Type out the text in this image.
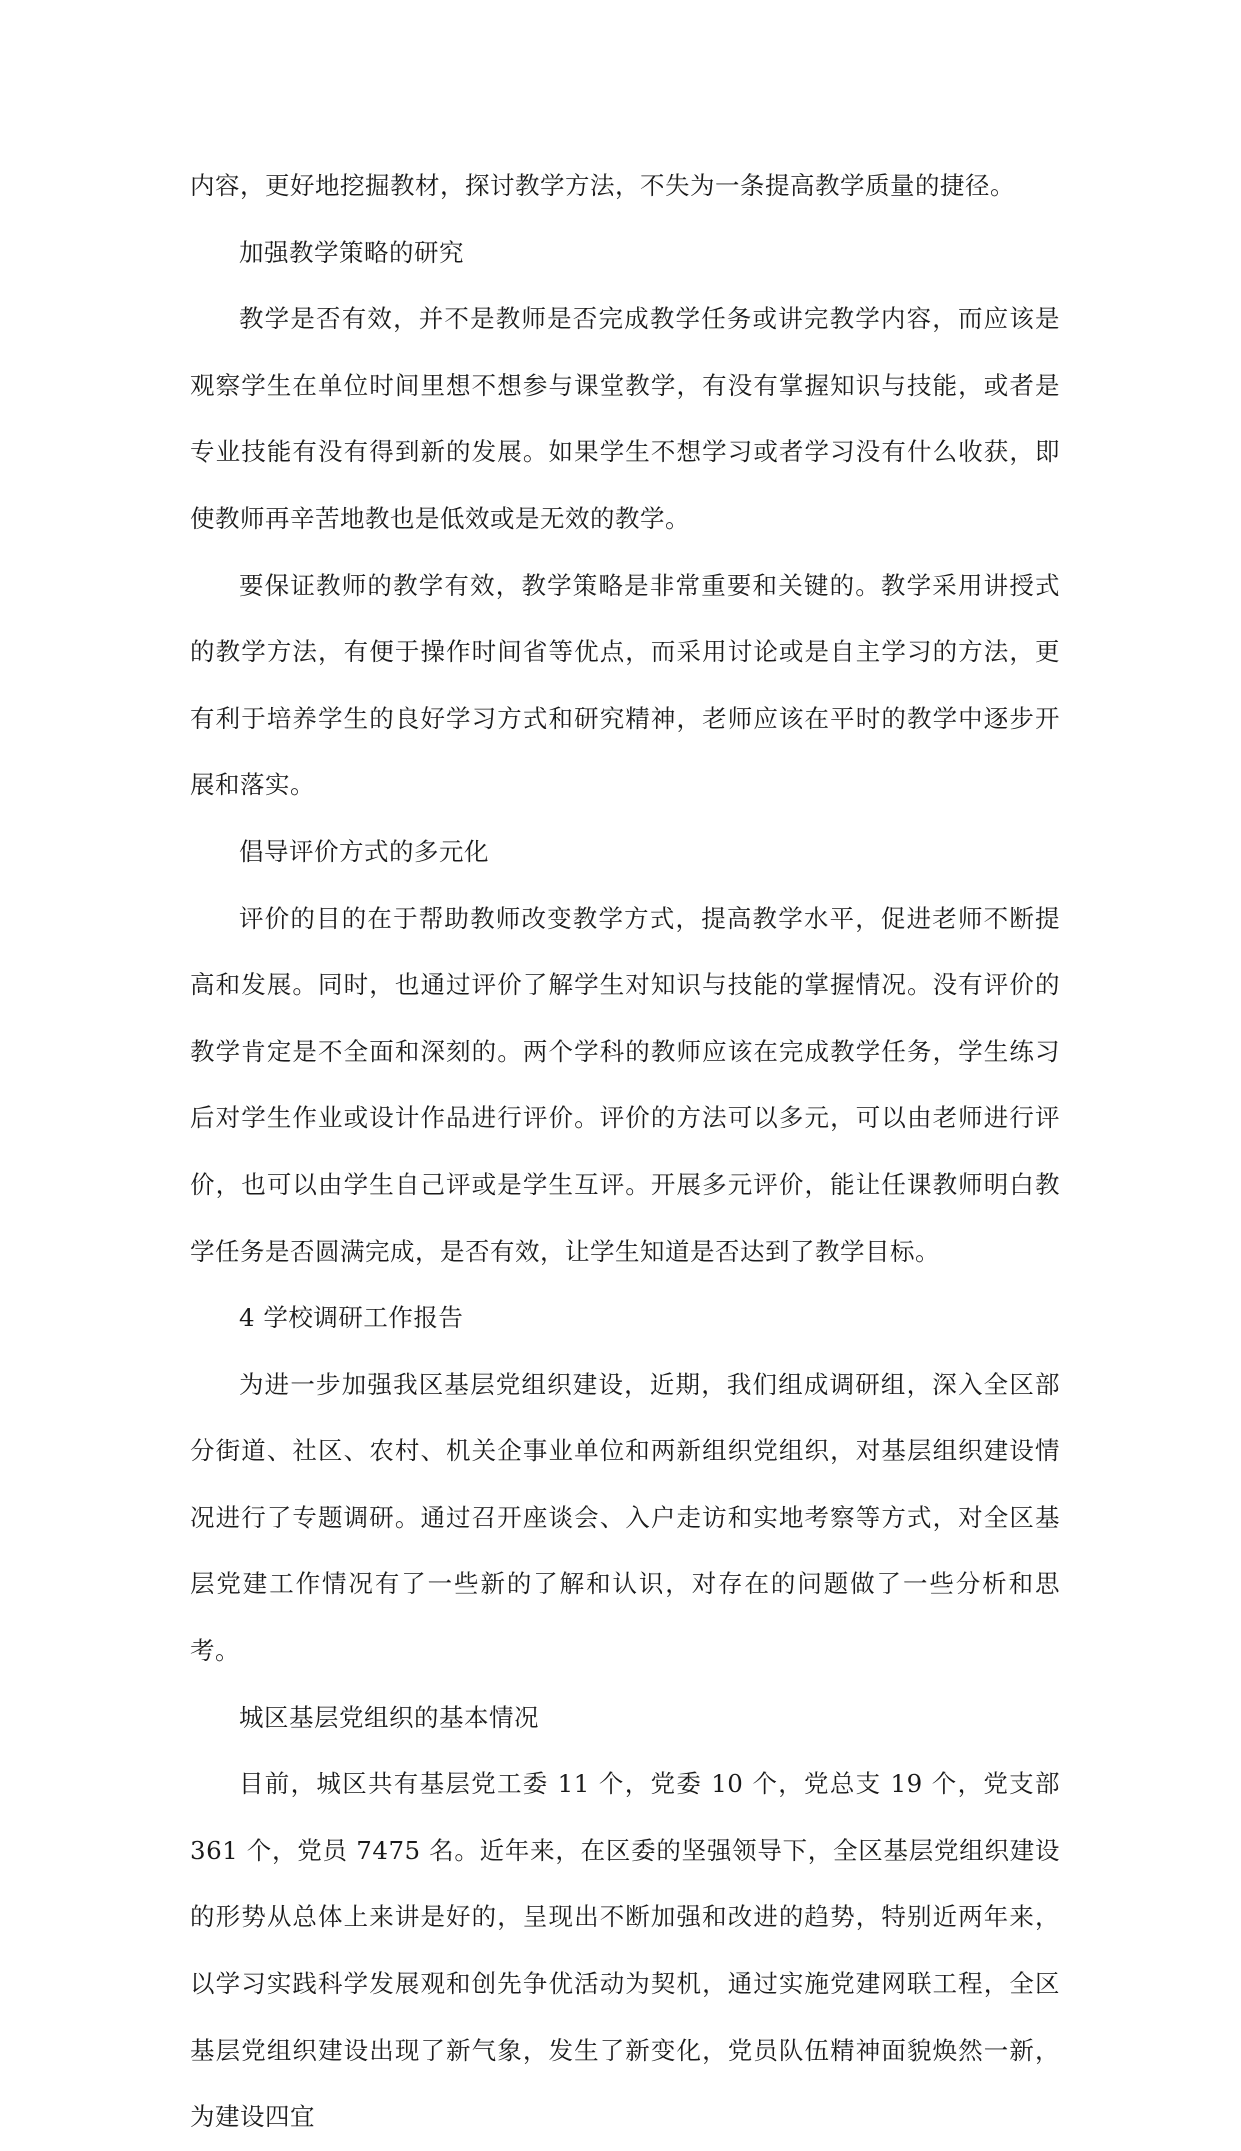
内容，更好地挖掘教材，探讨教学方法，不失为一条提高教学质量的捷径。

加强教学策略的研究

教学是否有效，并不是教师是否完成教学任务或讲完教学内容，而应该是观察学生在单位时间里想不想参与课堂教学，有没有掌握知识与技能，或者是专业技能有没有得到新的发展。如果学生不想学习或者学习没有什么收获，即使教师再辛苦地教也是低效或是无效的教学。

要保证教师的教学有效，教学策略是非常重要和关键的。教学采用讲授式的教学方法，有便于操作时间省等优点，而采用讨论或是自主学习的方法，更有利于培养学生的良好学习方式和研究精神，老师应该在平时的教学中逐步开展和落实。

倡导评价方式的多元化

评价的目的在于帮助教师改变教学方式，提高教学水平，促进老师不断提高和发展。同时，也通过评价了解学生对知识与技能的掌握情况。没有评价的教学肯定是不全面和深刻的。两个学科的教师应该在完成教学任务，学生练习后对学生作业或设计作品进行评价。评价的方法可以多元，可以由老师进行评价，也可以由学生自己评或是学生互评。开展多元评价，能让任课教师明白教学任务是否圆满完成，是否有效，让学生知道是否达到了教学目标。

4 学校调研工作报告

为进一步加强我区基层党组织建设，近期，我们组成调研组，深入全区部分街道、社区、农村、机关企事业单位和两新组织党组织，对基层组织建设情况进行了专题调研。通过召开座谈会、入户走访和实地考察等方式，对全区基层党建工作情况有了一些新的了解和认识，对存在的问题做了一些分析和思考。

城区基层党组织的基本情况

目前，城区共有基层党工委 11 个，党委 10 个，党总支 19 个，党支部 361 个，党员 7475 名。近年来，在区委的坚强领导下，全区基层党组织建设的形势从总体上来讲是好的，呈现出不断加强和改进的趋势，特别近两年来，以学习实践科学发展观和创先争优活动为契机，通过实施党建网联工程，全区基层党组织建设出现了新气象，发生了新变化，党员队伍精神面貌焕然一新，为建设四宜
